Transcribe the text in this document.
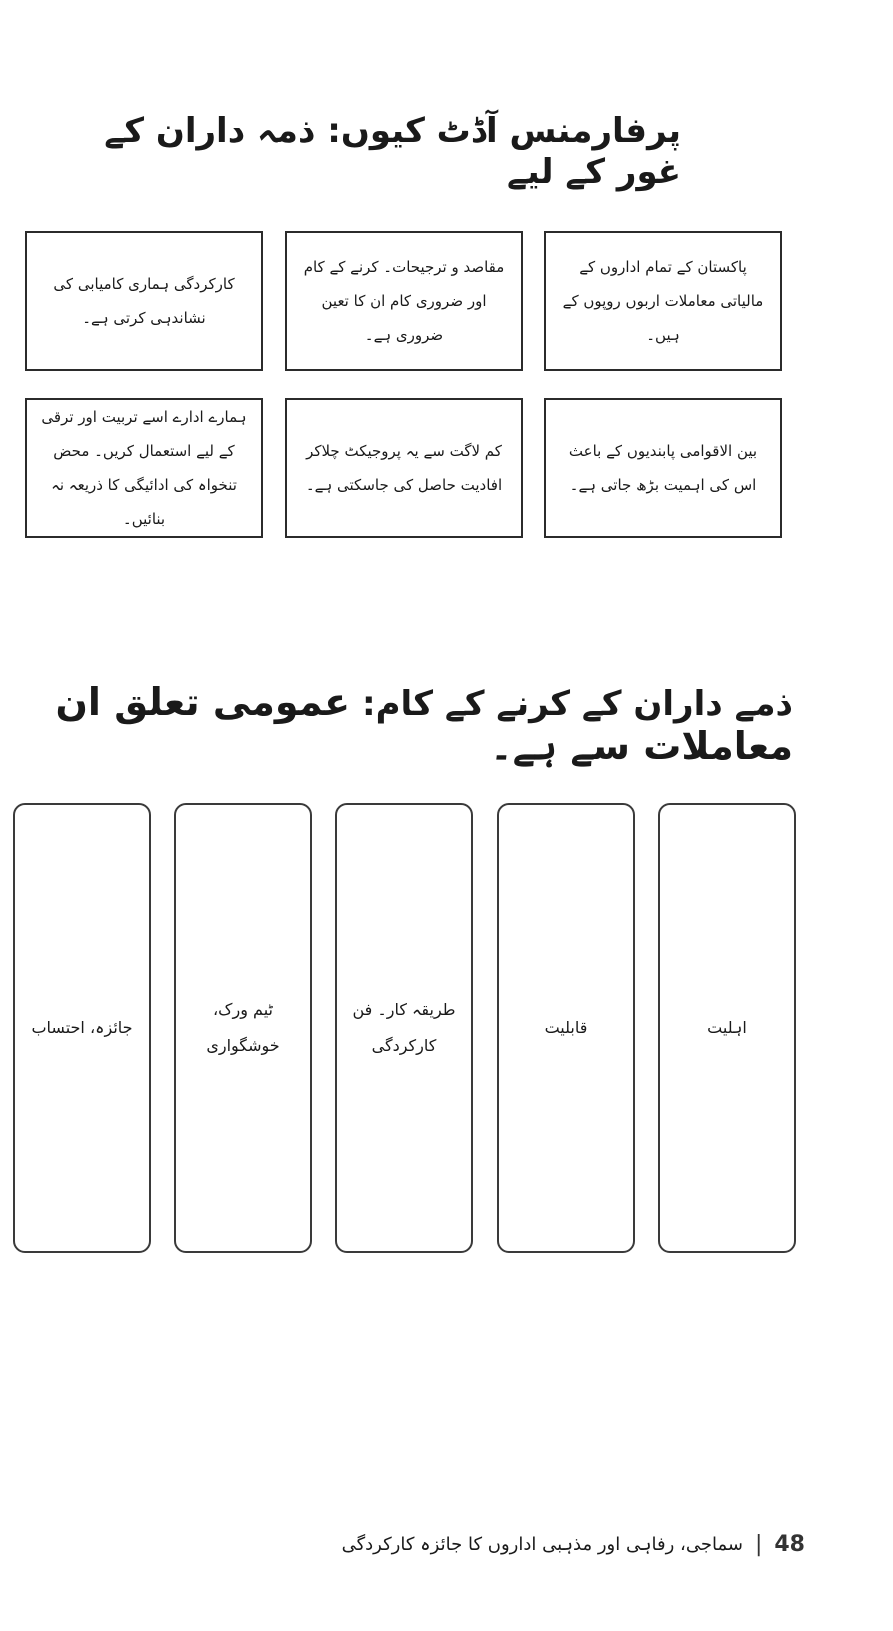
پرفارمنس آڈٹ کیوں: ذمہ داران کے غور کے لیے
پاکستان کے تمام اداروں کے مالیاتی معاملات اربوں روپوں کے ہیں۔
مقاصد و ترجیحات۔ کرنے کے کام اور ضروری کام ان کا تعین ضروری ہے۔
کارکردگی ہماری کامیابی کی نشاندہی کرتی ہے۔
بین الاقوامی پابندیوں کے باعث اس کی اہمیت بڑھ جاتی ہے۔
کم لاگت سے یہ پروجیکٹ چلاکر افادیت حاصل کی جاسکتی ہے۔
ہمارے ادارے اسے تربیت اور ترقی کے لیے استعمال کریں۔ محض تنخواہ کی ادائیگی کا ذریعہ نہ بنائیں۔
ذمے داران کے کرنے کے کام: عمومی تعلق ان معاملات سے ہے۔
اہلیت
قابلیت
طریقہ کار۔ فن کارکردگی
ٹیم ورک، خوشگواری
جائزہ، احتساب
سماجی، رفاہی اور مذہبی اداروں کا جائزہ کارکردگی | 48
